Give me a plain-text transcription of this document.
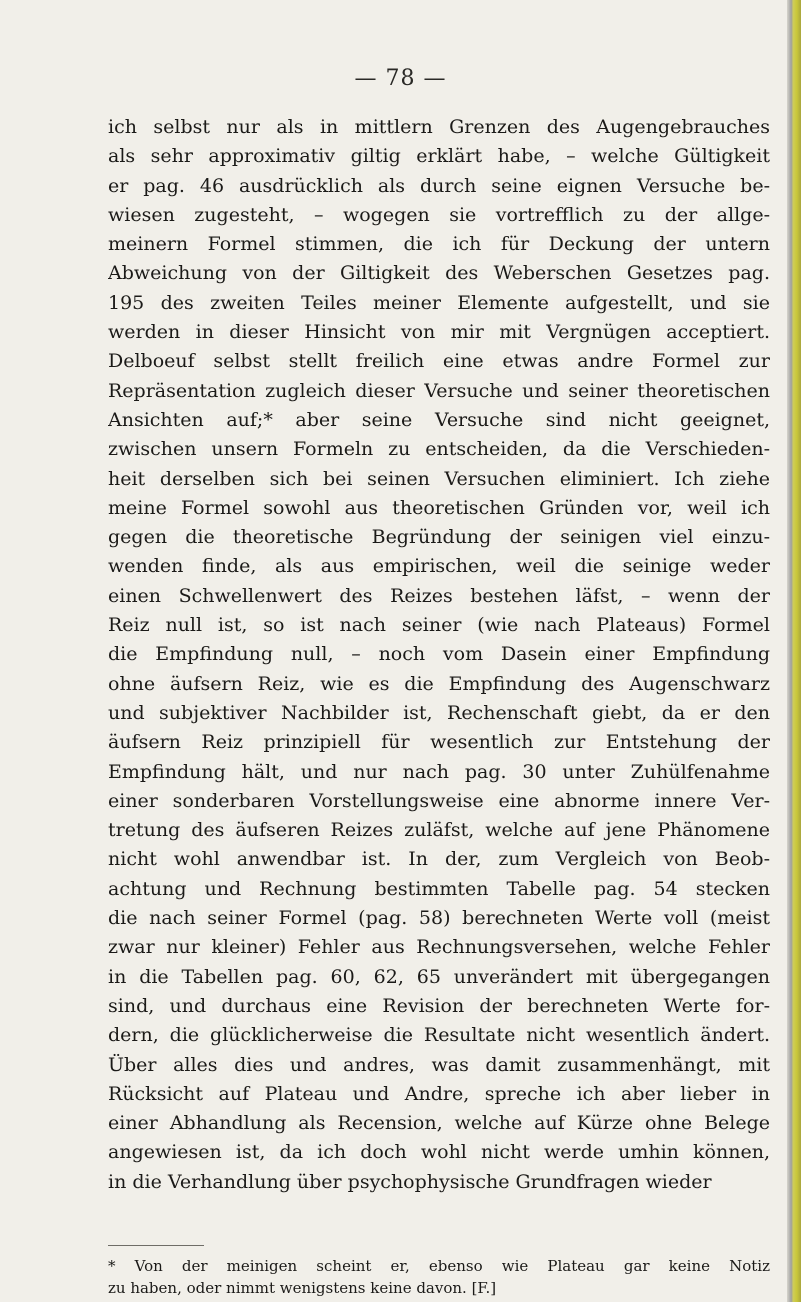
— 78 —
ich selbst nur als in mittlern Grenzen des Augengebrauches
als sehr approximativ giltig erklärt habe, – welche Gültigkeit
er pag. 46 ausdrücklich als durch seine eignen Versuche be-
wiesen zugesteht, – wogegen sie vortrefflich zu der allge-
meinern Formel stimmen, die ich für Deckung der untern
Abweichung von der Giltigkeit des Weberschen Gesetzes pag.
195 des zweiten Teiles meiner Elemente aufgestellt, und sie
werden in dieser Hinsicht von mir mit Vergnügen acceptiert.
Delboeuf selbst stellt freilich eine etwas andre Formel zur
Repräsentation zugleich dieser Versuche und seiner theoretischen
Ansichten auf;* aber seine Versuche sind nicht geeignet,
zwischen unsern Formeln zu entscheiden, da die Verschieden-
heit derselben sich bei seinen Versuchen eliminiert. Ich ziehe
meine Formel sowohl aus theoretischen Gründen vor, weil ich
gegen die theoretische Begründung der seinigen viel einzu-
wenden finde, als aus empirischen, weil die seinige weder
einen Schwellenwert des Reizes bestehen läfst, – wenn der
Reiz null ist, so ist nach seiner (wie nach Plateaus) Formel
die Empfindung null, – noch vom Dasein einer Empfindung
ohne äufsern Reiz, wie es die Empfindung des Augenschwarz
und subjektiver Nachbilder ist, Rechenschaft giebt, da er den
äufsern Reiz prinzipiell für wesentlich zur Entstehung der
Empfindung hält, und nur nach pag. 30 unter Zuhülfenahme
einer sonderbaren Vorstellungsweise eine abnorme innere Ver-
tretung des äufseren Reizes zuläfst, welche auf jene Phänomene
nicht wohl anwendbar ist. In der, zum Vergleich von Beob-
achtung und Rechnung bestimmten Tabelle pag. 54 stecken
die nach seiner Formel (pag. 58) berechneten Werte voll (meist
zwar nur kleiner) Fehler aus Rechnungsversehen, welche Fehler
in die Tabellen pag. 60, 62, 65 unverändert mit übergegangen
sind, und durchaus eine Revision der berechneten Werte for-
dern, die glücklicherweise die Resultate nicht wesentlich ändert.
Über alles dies und andres, was damit zusammenhängt, mit
Rücksicht auf Plateau und Andre, spreche ich aber lieber in
einer Abhandlung als Recension, welche auf Kürze ohne Belege
angewiesen ist, da ich doch wohl nicht werde umhin können,
in die Verhandlung über psychophysische Grundfragen wieder
* Von der meinigen scheint er, ebenso wie Plateau gar keine Notiz
zu haben, oder nimmt wenigstens keine davon. [F.]
